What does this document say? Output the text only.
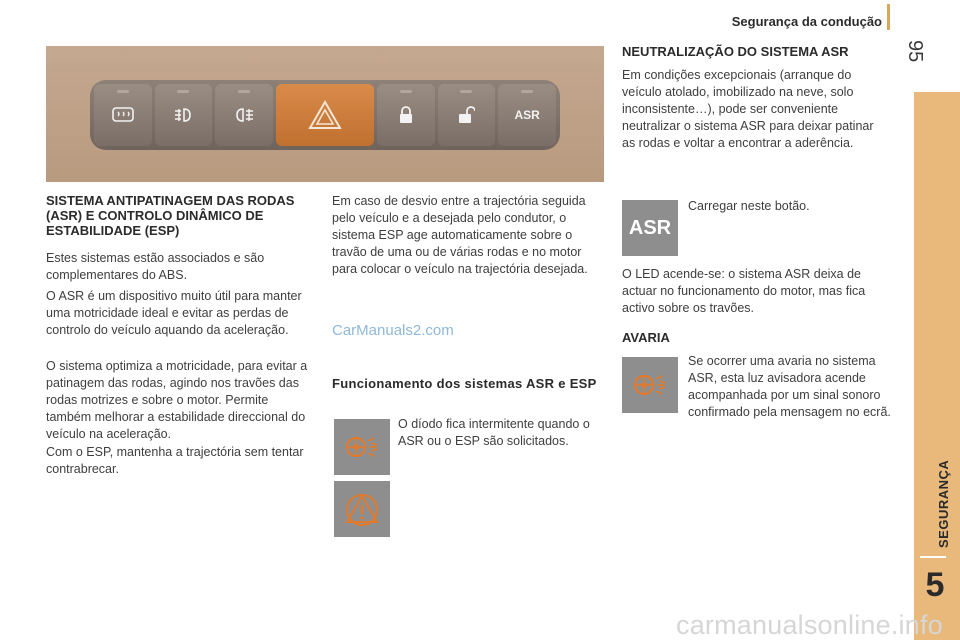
Segurança da condução
95
SEGURANÇA
5
ASR
SISTEMA ANTIPATINAGEM DAS RODAS (ASR) E CONTROLO DINÂMICO DE ESTABILIDADE (ESP)

Estes sistemas estão associados e são complementares do ABS.

O ASR é um dispositivo muito útil para manter uma motricidade ideal e evitar as perdas de controlo do veículo aquando da aceleração.

O sistema optimiza a motricidade, para evitar a patinagem das rodas, agindo nos travões das rodas motrizes e sobre o motor. Permite também melhorar a estabilidade direccional do veículo na aceleração.

Com o ESP, mantenha a trajectória sem tentar contrabrecar.

Em caso de desvio entre a trajectória seguida pelo veículo e a desejada pelo condutor, o sistema ESP age automaticamente sobre o travão de uma ou de várias rodas e no motor para colocar o veículo na trajectória desejada.

CarManuals2.com
Funcionamento dos sistemas ASR e ESP

O díodo fica intermitente quando o ASR ou o ESP são solicitados.

NEUTRALIZAÇÃO DO SISTEMA ASR

Em condições excepcionais (arranque do veículo atolado, imobilizado na neve, solo inconsistente…), pode ser conveniente neutralizar o sistema ASR para deixar patinar as rodas e voltar a encontrar a aderência.

ASR

Carregar neste botão.

O LED acende-se: o sistema ASR deixa de actuar no funcionamento do motor, mas fica activo sobre os travões.

AVARIA

Se ocorrer uma avaria no sistema ASR, esta luz avisadora acende acompanhada por um sinal sonoro confirmado pela mensagem no ecrã.

carmanualsonline.info
